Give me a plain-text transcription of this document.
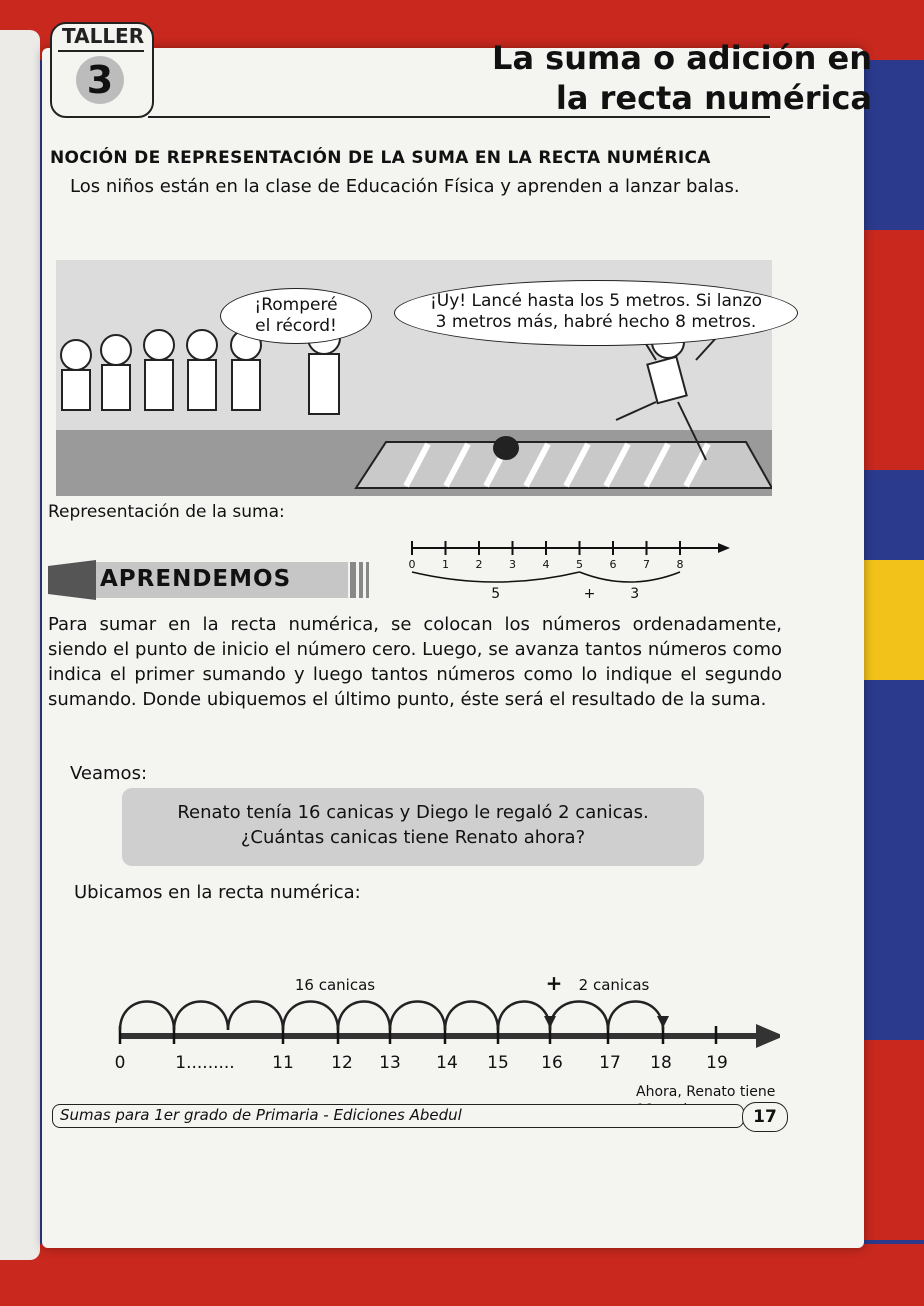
TALLER
3	La suma o adición en
la recta numérica
NOCIÓN DE REPRESENTACIÓN DE LA SUMA EN LA RECTA NUMÉRICA
Los niños están en la clase de Educación Física y aprenden a lanzar balas.
¡Romperé
el récord!
¡Uy! Lancé hasta los 5 metros. Si lanzo
3 metros más, habré hecho 8 metros.
Representación de la suma:
0 1 2 3 4 5 6 7 8
5	+ 3
APRENDEMOS
Para sumar en la recta numérica, se colocan los números ordenadamente, siendo el punto de inicio el número cero. Luego, se avanza tantos números como indica el primer sumando y luego tantos números como lo indique el segundo sumando. Donde ubiquemos el último punto, éste será el resultado de la suma.
Veamos:
Renato tenía 16 canicas y Diego le regaló 2 canicas.
¿Cuántas canicas tiene Renato ahora?
Ubicamos en la recta numérica:
0	1......... 11 12 13 14 15 16 17 18 19
16 canicas	+ 2 canicas
Ahora, Renato tiene
Sumas para 1er grado de Primaria - Ediciones Abedul	17
